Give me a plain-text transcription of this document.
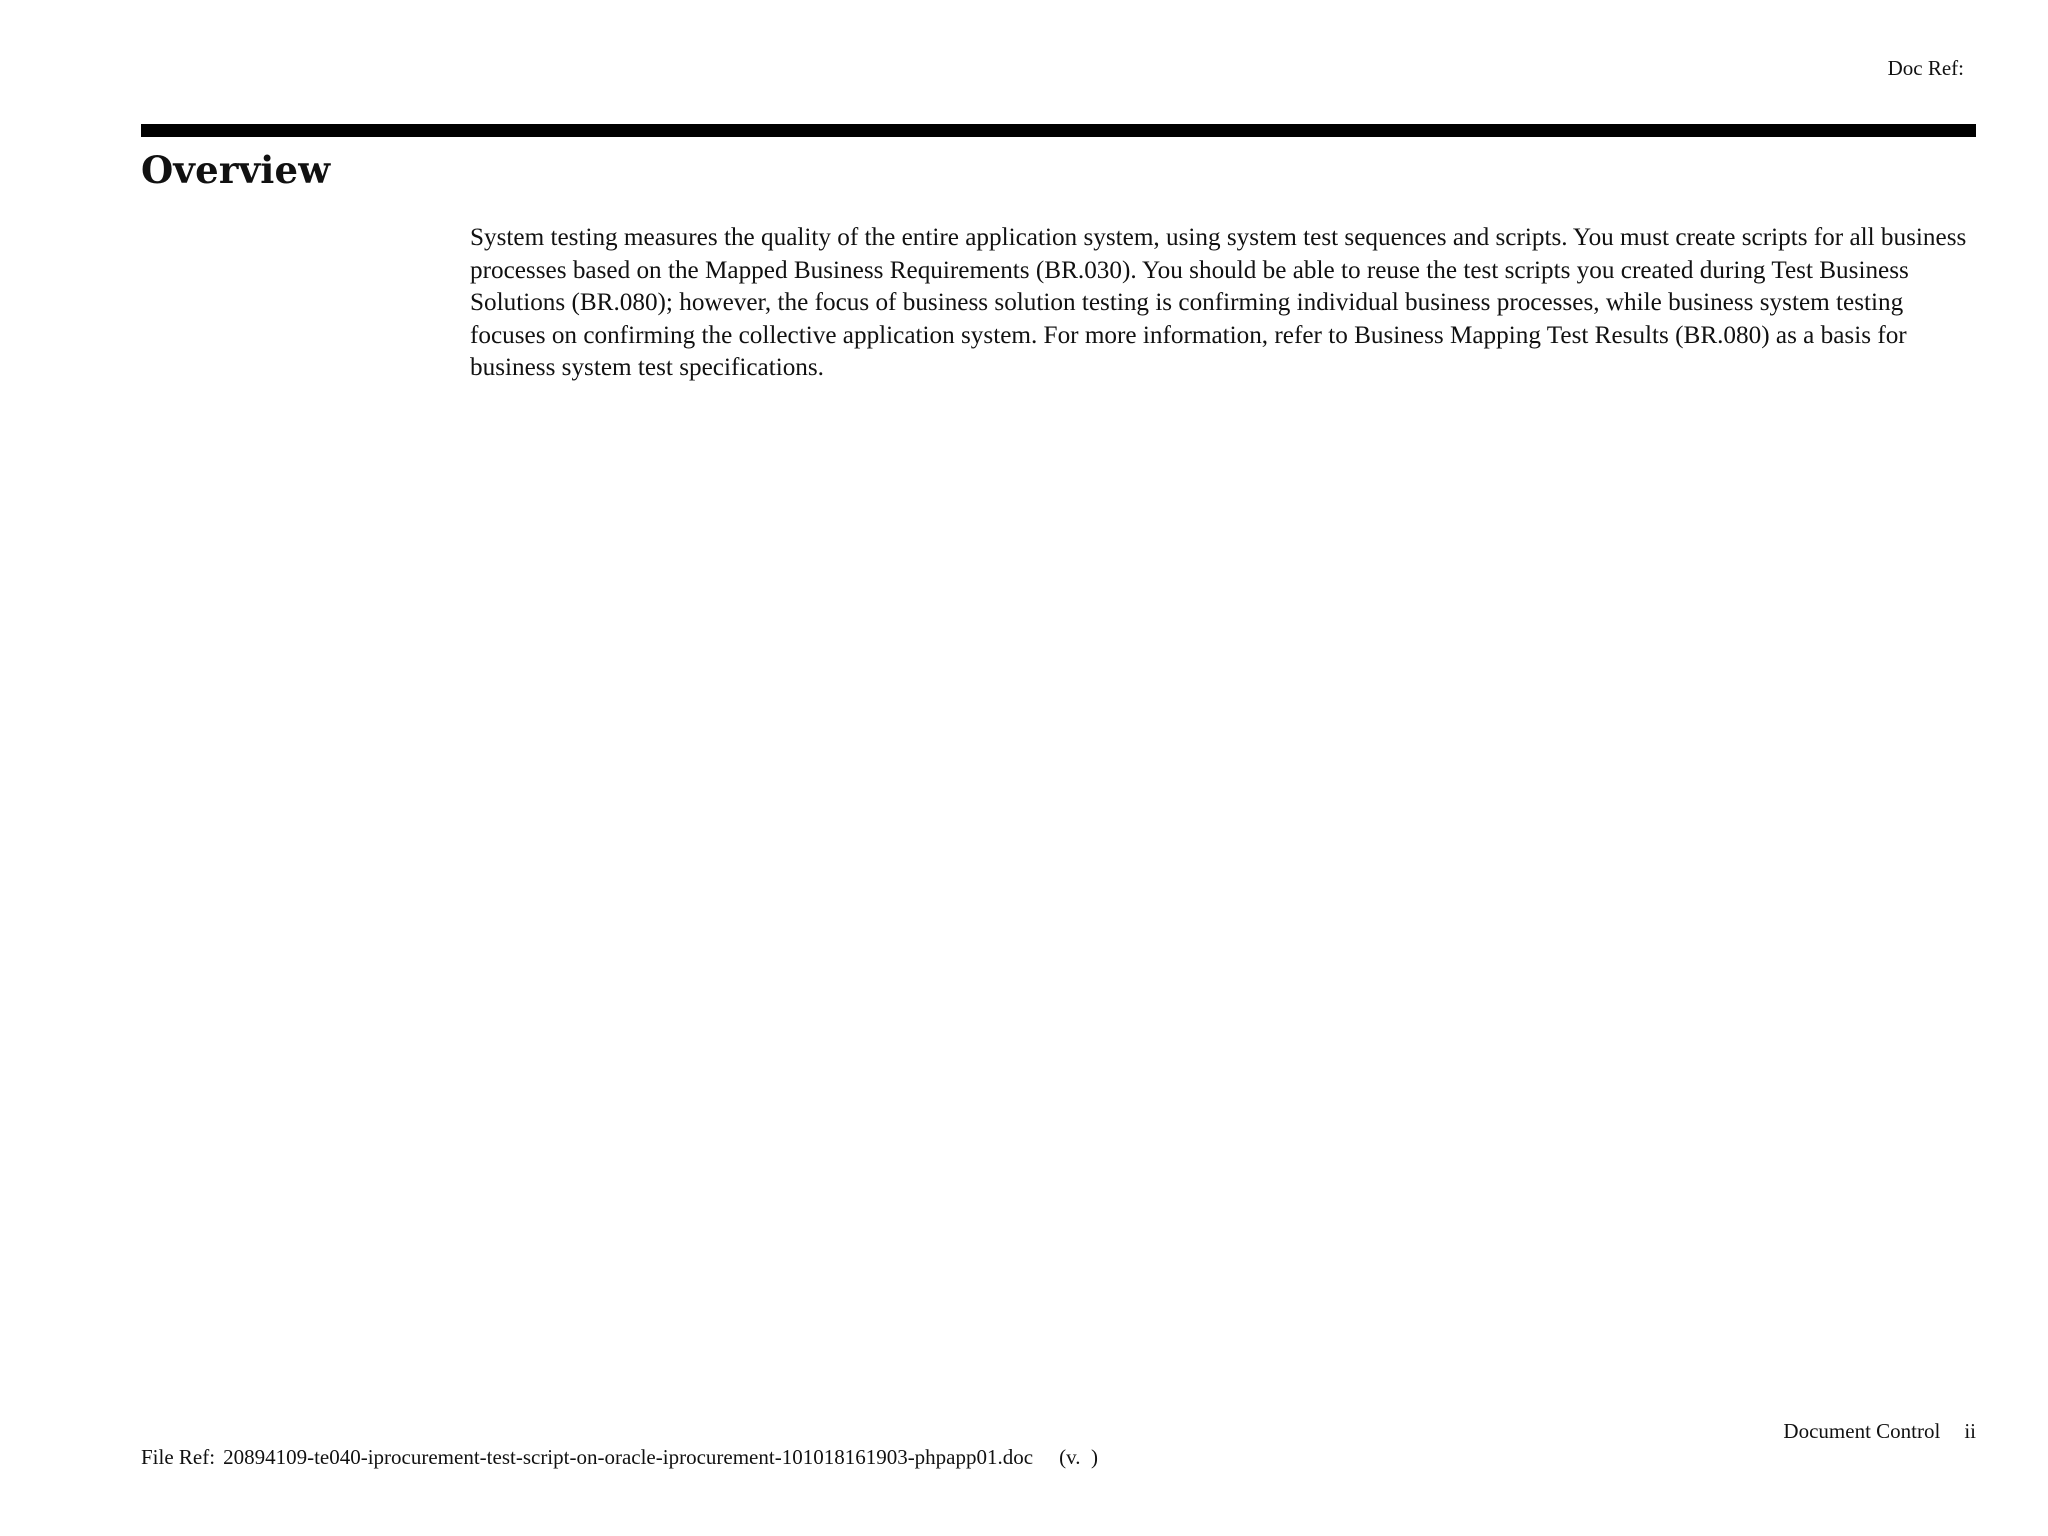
Doc Ref:
Overview

System testing measures the quality of the entire application system, using system test sequences and scripts. You must create scripts for all business processes based on the Mapped Business Requirements (BR.030). You should be able to reuse the test scripts you created during Test Business Solutions (BR.080); however, the focus of business solution testing is confirming individual business processes, while business system testing focuses on confirming the collective application system. For more information, refer to Business Mapping Test Results (BR.080) as a basis for business system test specifications.

Document Control ii
File Ref: 20894109-te040-iprocurement-test-script-on-oracle-iprocurement-101018161903-phpapp01.doc (v.  )
